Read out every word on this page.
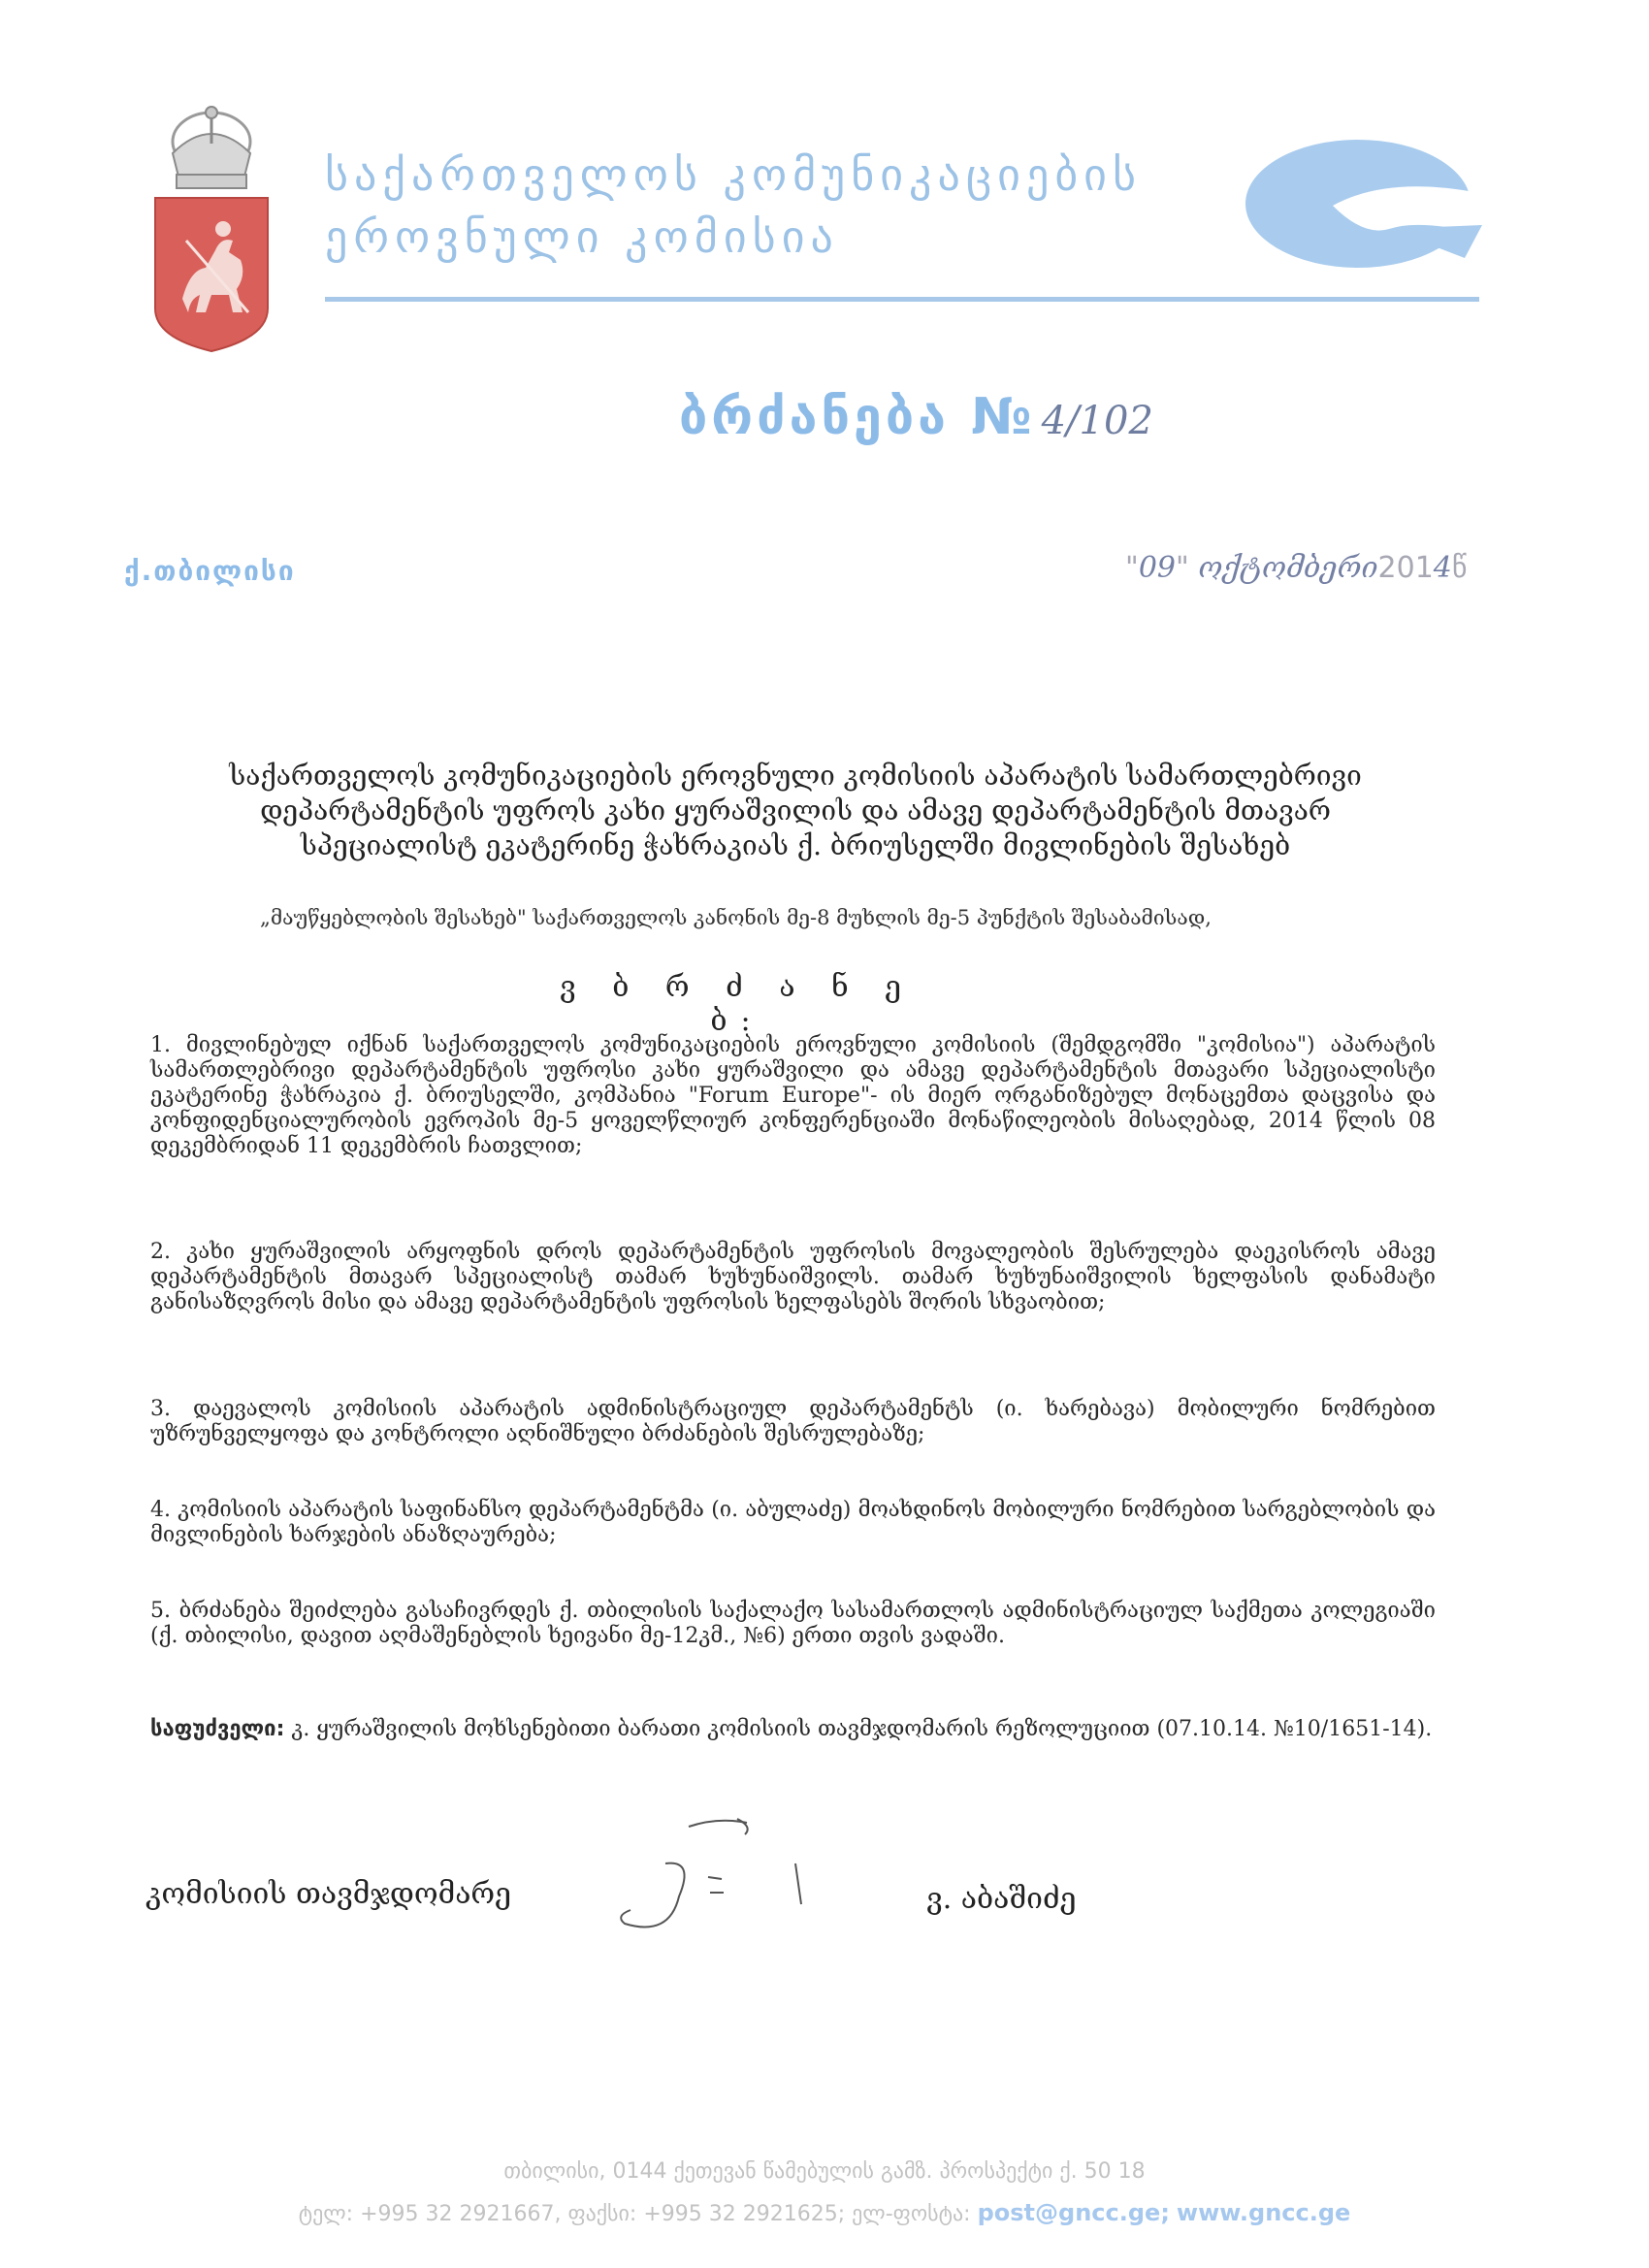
საქართველოს კომუნიკაციების
ეროვნული კომისია
ბრძანება № 4/102
ქ.თბილისი	"09" ოქტომბერი2014წ
საქართველოს კომუნიკაციების ეროვნული კომისიის აპარატის სამართლებრივი დეპარტამენტის უფროს კახი ყურაშვილის და ამავე დეპარტამენტის მთავარ სპეციალისტ ეკატერინე ჭახრაკიას ქ. ბრიუსელში მივლინების შესახებ
„მაუწყებლობის შესახებ" საქართველოს კანონის მე-8 მუხლის მე-5 პუნქტის შესაბამისად,
ვ ბ რ ძ ა ნ ე ბ:
1. მივლინებულ იქნან საქართველოს კომუნიკაციების ეროვნული კომისიის (შემდგომში "კომისია") აპარატის სამართლებრივი დეპარტამენტის უფროსი კახი ყურაშვილი და ამავე დეპარტამენტის მთავარი სპეციალისტი ეკატერინე ჭახრაკია ქ. ბრიუსელში, კომპანია "Forum Europe"- ის მიერ ორგანიზებულ მონაცემთა დაცვისა და კონფიდენციალურობის ევროპის მე-5 ყოველწლიურ კონფერენციაში მონაწილეობის მისაღებად, 2014 წლის 08 დეკემბრიდან 11 დეკემბრის ჩათვლით;
2. კახი ყურაშვილის არყოფნის დროს დეპარტამენტის უფროსის მოვალეობის შესრულება დაეკისროს ამავე დეპარტამენტის მთავარ სპეციალისტ თამარ ხუხუნაიშვილს. თამარ ხუხუნაიშვილის ხელფასის დანამატი განისაზღვროს მისი და ამავე დეპარტამენტის უფროსის ხელფასებს შორის სხვაობით;
3. დაევალოს კომისიის აპარატის ადმინისტრაციულ დეპარტამენტს (ი. ხარებავა) მობილური ნომრებით უზრუნველყოფა და კონტროლი აღნიშნული ბრძანების შესრულებაზე;
4. კომისიის აპარატის საფინანსო დეპარტამენტმა (ი. აბულაძე) მოახდინოს მობილური ნომრებით სარგებლობის და მივლინების ხარჯების ანაზღაურება;
5. ბრძანება შეიძლება გასაჩივრდეს ქ. თბილისის საქალაქო სასამართლოს ადმინისტრაციულ საქმეთა კოლეგიაში (ქ. თბილისი, დავით აღმაშენებლის ხეივანი მე-12კმ., №6) ერთი თვის ვადაში.
საფუძველი: კ. ყურაშვილის მოხსენებითი ბარათი კომისიის თავმჯდომარის რეზოლუციით (07.10.14. №10/1651-14).
კომისიის თავმჯდომარე	ვ. აბაშიძე
თბილისი, 0144 ქეთევან წამებულის გამზ. პროსპექტი ქ. 50 18
ტელ: +995 32 2921667, ფაქსი: +995 32 2921625; ელ-ფოსტა: post@gncc.ge; www.gncc.ge
